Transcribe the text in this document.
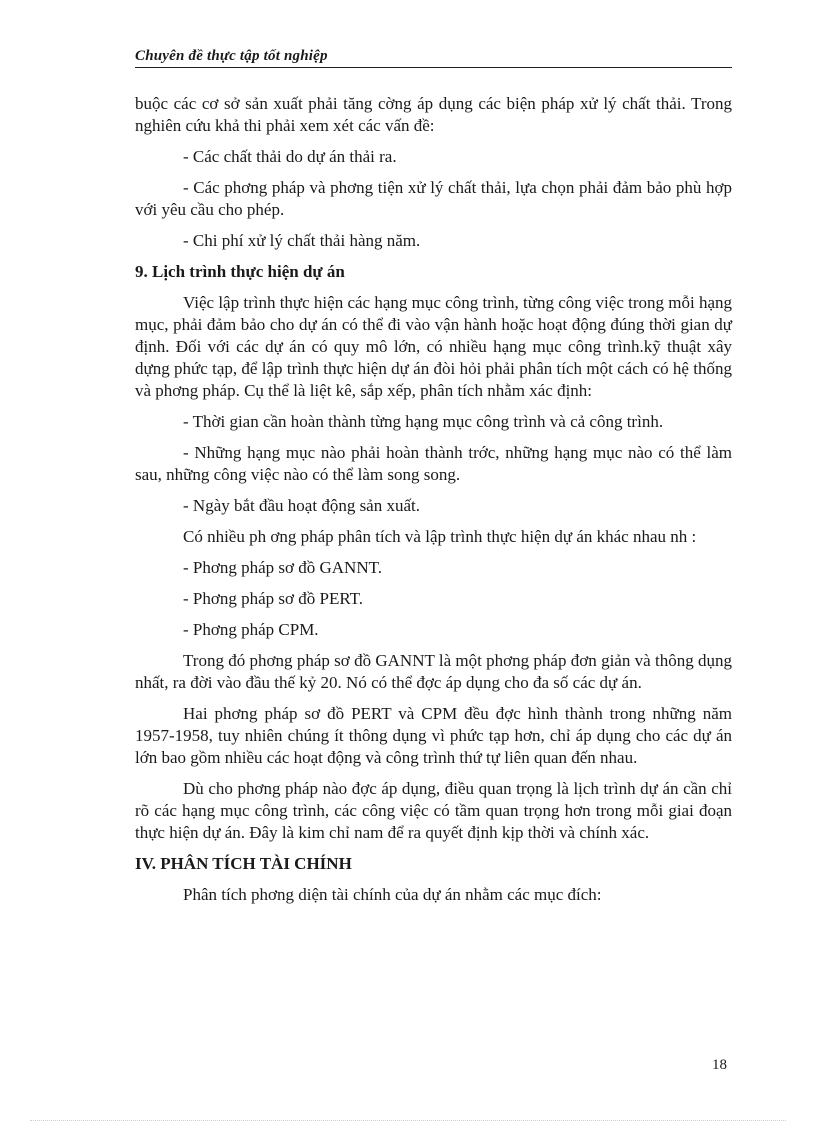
Chuyên đề thực tập tốt nghiệp

buộc các cơ sở sản xuất phải tăng cờng áp dụng các biện pháp xử lý chất thải. Trong nghiên cứu khả thi phải xem xét các vấn đề:

- Các chất thải do dự án thải ra.

- Các phơng pháp và phơng tiện xử lý chất thải, lựa chọn phải đảm bảo phù hợp với yêu cầu cho phép.

- Chi phí xử lý chất thải hàng năm.

9. Lịch trình thực hiện dự án

Việc lập trình thực hiện các hạng mục công trình, từng công việc trong mỗi hạng mục, phải đảm bảo cho dự án có thể đi vào vận hành hoặc hoạt động đúng thời gian dự định. Đối với các dự án có quy mô lớn, có nhiều hạng mục công trình.kỹ thuật xây dựng phức tạp, để lập trình thực hiện dự án đòi hỏi phải phân tích một cách có hệ thống và phơng pháp. Cụ thể là liệt kê, sắp xếp, phân tích nhằm xác định:

- Thời gian cần hoàn thành từng hạng mục công trình và cả công trình.

- Những hạng mục nào phải hoàn thành trớc, những hạng mục nào có thể làm sau, những công việc nào có thể làm song song.

- Ngày bắt đầu hoạt động sản xuất.

Có nhiều ph ơng pháp phân tích và lập trình thực hiện dự án khác nhau nh :

- Phơng pháp sơ đồ GANNT.

- Phơng pháp sơ đồ PERT.

- Phơng pháp CPM.

Trong đó phơng pháp sơ đồ GANNT là một phơng pháp đơn giản và thông dụng nhất, ra đời vào đầu thế kỷ 20. Nó có thể đợc áp dụng cho đa số các dự án.

Hai phơng pháp sơ đồ PERT và CPM đều đợc hình thành trong những năm 1957-1958, tuy nhiên chúng ít thông dụng vì phức tạp hơn, chỉ áp dụng cho các dự án lớn bao gồm nhiều các hoạt động và công trình thứ tự liên quan đến nhau.

Dù cho phơng pháp nào đợc áp dụng, điều quan trọng là lịch trình dự án cần chỉ rõ các hạng mục công trình, các công việc có tầm quan trọng hơn trong mỗi giai đoạn thực hiện dự án. Đây là kim chỉ nam để ra quyết định kịp thời và chính xác.

IV. PHÂN TÍCH TÀI CHÍNH

Phân tích phơng diện tài chính của dự án nhằm các mục đích:

18
